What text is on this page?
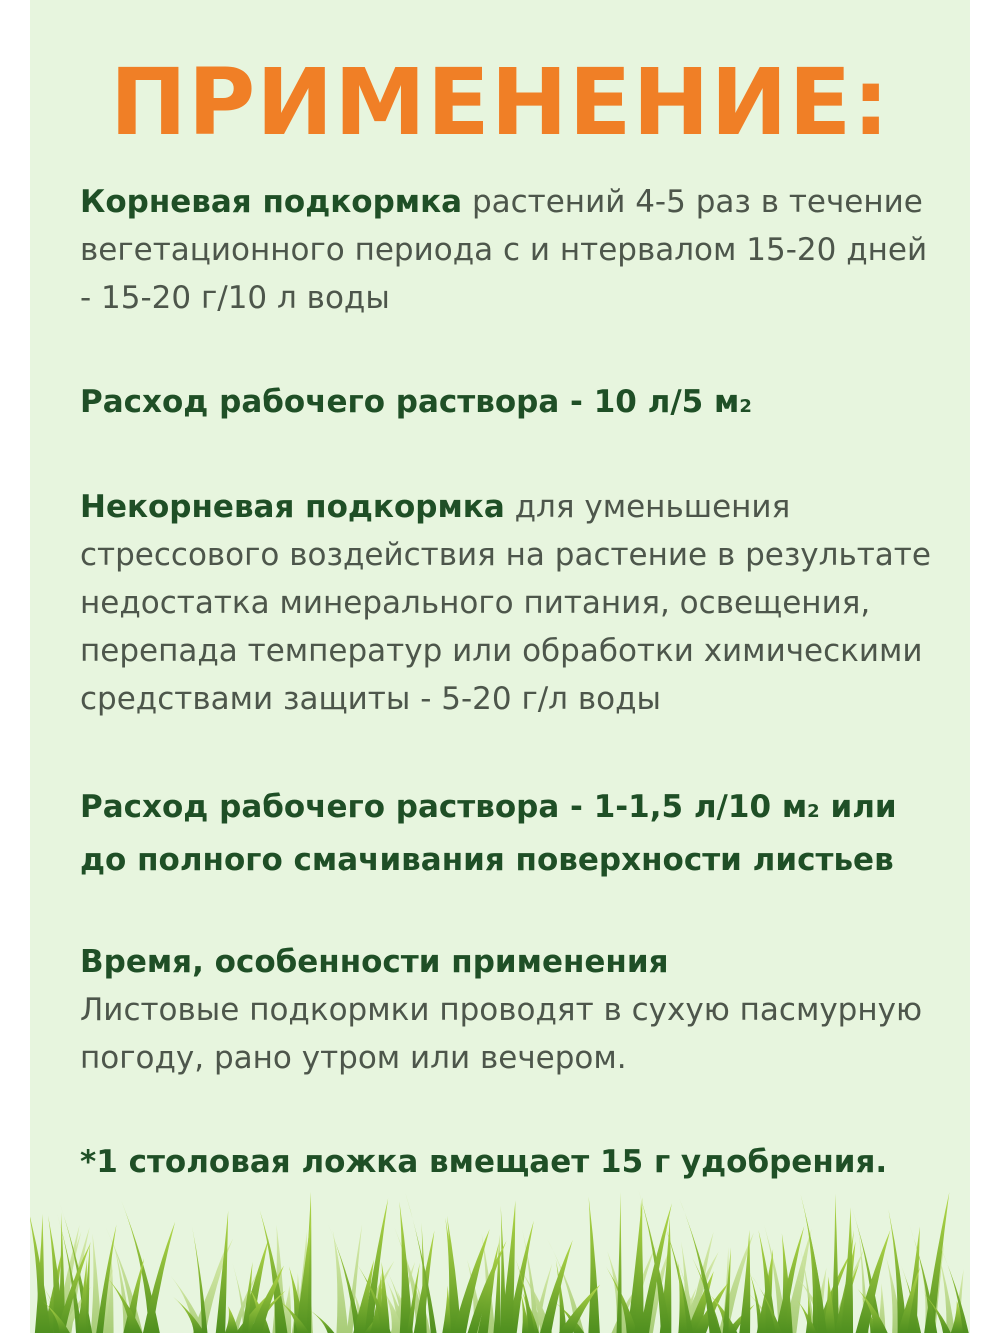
ПРИМЕНЕНИЕ:
Корневая подкормка растений 4-5 раз в течение вегетационного периода с и нтервалом 15-20 дней - 15-20 г/10 л воды
Расход рабочего раствора - 10 л/5 м2
Некорневая подкормка для уменьшения стрессового воздействия на растение в результате недостатка минерального питания, освещения, перепада температур или обработки химическими средствами защиты - 5-20 г/л воды
Расход рабочего раствора - 1-1,5 л/10 м2 или до полного смачивания поверхности листьев
Время, особенности применения
Листовые подкормки проводят в сухую пасмурную погоду, рано утром или вечером.
*1 столовая ложка вмещает 15 г удобрения.
